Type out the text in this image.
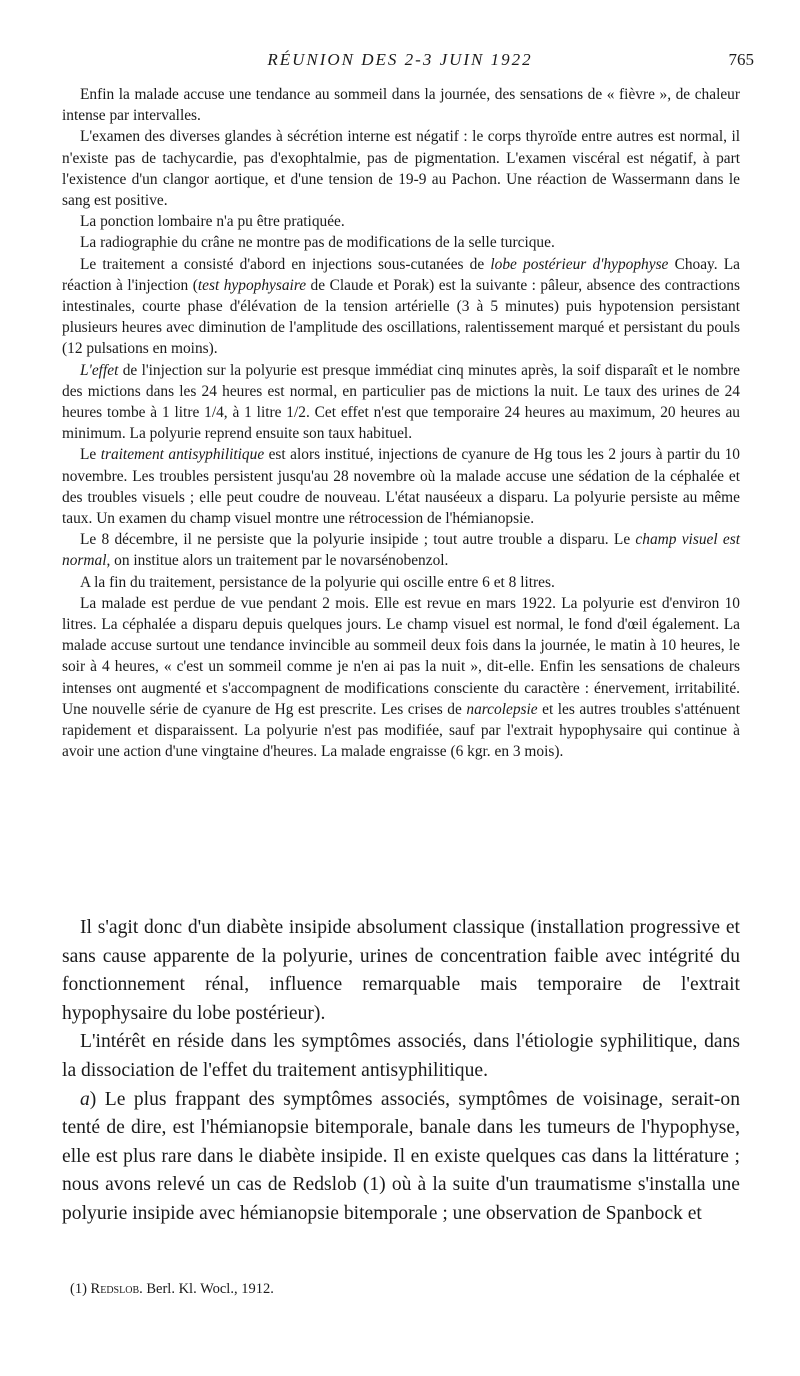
RÉUNION DES 2-3 JUIN 1922	765

Enfin la malade accuse une tendance au sommeil dans la journée, des sensations de « fièvre », de chaleur intense par intervalles.

L'examen des diverses glandes à sécrétion interne est négatif : le corps thyroïde entre autres est normal, il n'existe pas de tachycardie, pas d'exophtalmie, pas de pigmentation. L'examen viscéral est négatif, à part l'existence d'un clangor aortique, et d'une tension de 19-9 au Pachon. Une réaction de Wassermann dans le sang est positive.

La ponction lombaire n'a pu être pratiquée.

La radiographie du crâne ne montre pas de modifications de la selle turcique.

Le traitement a consisté d'abord en injections sous-cutanées de lobe postérieur d'hypophyse Choay. La réaction à l'injection (test hypophysaire de Claude et Porak) est la suivante : pâleur, absence des contractions intestinales, courte phase d'élévation de la tension artérielle (3 à 5 minutes) puis hypotension persistant plusieurs heures avec diminution de l'amplitude des oscillations, ralentissement marqué et persistant du pouls (12 pulsations en moins).

L'effet de l'injection sur la polyurie est presque immédiat cinq minutes après, la soif disparaît et le nombre des mictions dans les 24 heures est normal, en particulier pas de mictions la nuit. Le taux des urines de 24 heures tombe à 1 litre 1/4, à 1 litre 1/2. Cet effet n'est que temporaire 24 heures au maximum, 20 heures au minimum. La polyurie reprend ensuite son taux habituel.

Le traitement antisyphilitique est alors institué, injections de cyanure de Hg tous les 2 jours à partir du 10 novembre. Les troubles persistent jusqu'au 28 novembre où la malade accuse une sédation de la céphalée et des troubles visuels ; elle peut coudre de nouveau. L'état nauséeux a disparu. La polyurie persiste au même taux. Un examen du champ visuel montre une rétrocession de l'hémianopsie.

Le 8 décembre, il ne persiste que la polyurie insipide ; tout autre trouble a disparu. Le champ visuel est normal, on institue alors un traitement par le novarsénobenzol.

A la fin du traitement, persistance de la polyurie qui oscille entre 6 et 8 litres.

La malade est perdue de vue pendant 2 mois. Elle est revue en mars 1922. La polyurie est d'environ 10 litres. La céphalée a disparu depuis quelques jours. Le champ visuel est normal, le fond d'œil également. La malade accuse surtout une tendance invincible au sommeil deux fois dans la journée, le matin à 10 heures, le soir à 4 heures, « c'est un sommeil comme je n'en ai pas la nuit », dit-elle. Enfin les sensations de chaleurs intenses ont augmenté et s'accompagnent de modifications consciente du caractère : énervement, irritabilité. Une nouvelle série de cyanure de Hg est prescrite. Les crises de narcolepsie et les autres troubles s'atténuent rapidement et disparaissent. La polyurie n'est pas modifiée, sauf par l'extrait hypophysaire qui continue à avoir une action d'une vingtaine d'heures. La malade engraisse (6 kgr. en 3 mois).

Il s'agit donc d'un diabète insipide absolument classique (installation progressive et sans cause apparente de la polyurie, urines de concentration faible avec intégrité du fonctionnement rénal, influence remarquable mais temporaire de l'extrait hypophysaire du lobe postérieur).

L'intérêt en réside dans les symptômes associés, dans l'étiologie syphilitique, dans la dissociation de l'effet du traitement antisyphilitique.

a) Le plus frappant des symptômes associés, symptômes de voisinage, serait-on tenté de dire, est l'hémianopsie bitemporale, banale dans les tumeurs de l'hypophyse, elle est plus rare dans le diabète insipide. Il en existe quelques cas dans la littérature ; nous avons relevé un cas de Redslob (1) où à la suite d'un traumatisme s'installa une polyurie insipide avec hémianopsie bitemporale ; une observation de Spanbock et

(1) Redslob. Berl. Kl. Wocl., 1912.
